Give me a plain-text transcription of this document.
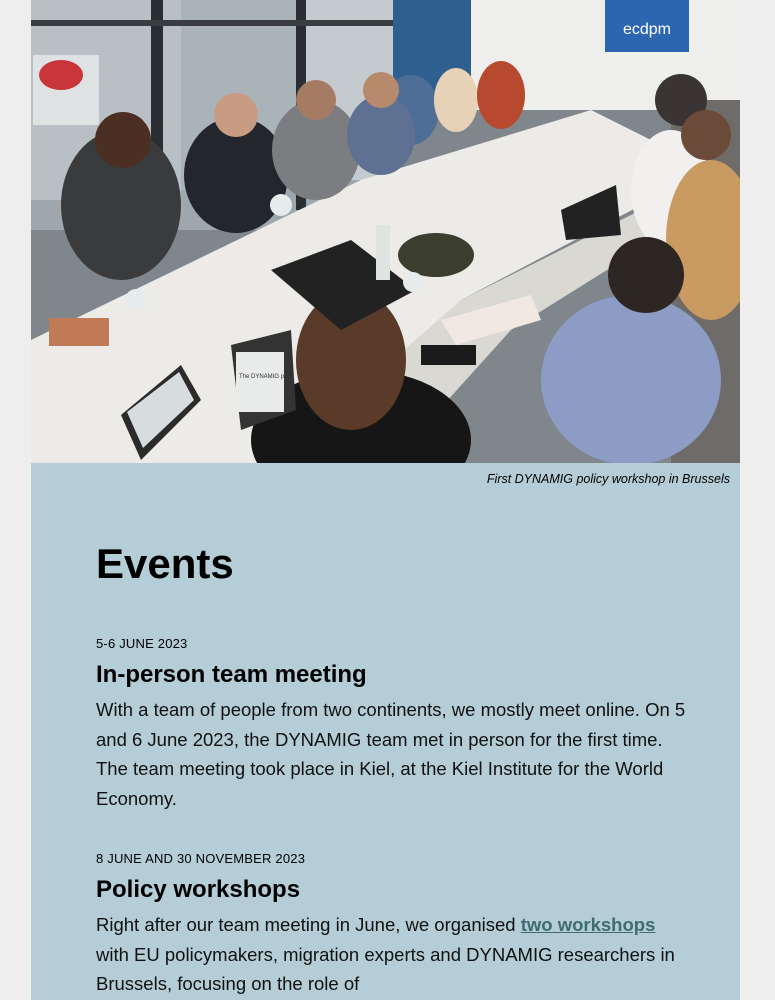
ecdpm
The DYNAMIG pro
First DYNAMIG policy workshop in Brussels
Events
5-6 JUNE 2023
In-person team meeting
With a team of people from two continents, we mostly meet online. On 5 and 6 June 2023, the DYNAMIG team met in person for the first time. The team meeting took place in Kiel, at the Kiel Institute for the World Economy.
8 JUNE AND 30 NOVEMBER 2023
Policy workshops
Right after our team meeting in June, we organised two workshops with EU policymakers, migration experts and DYNAMIG researchers in Brussels, focusing on the role of
